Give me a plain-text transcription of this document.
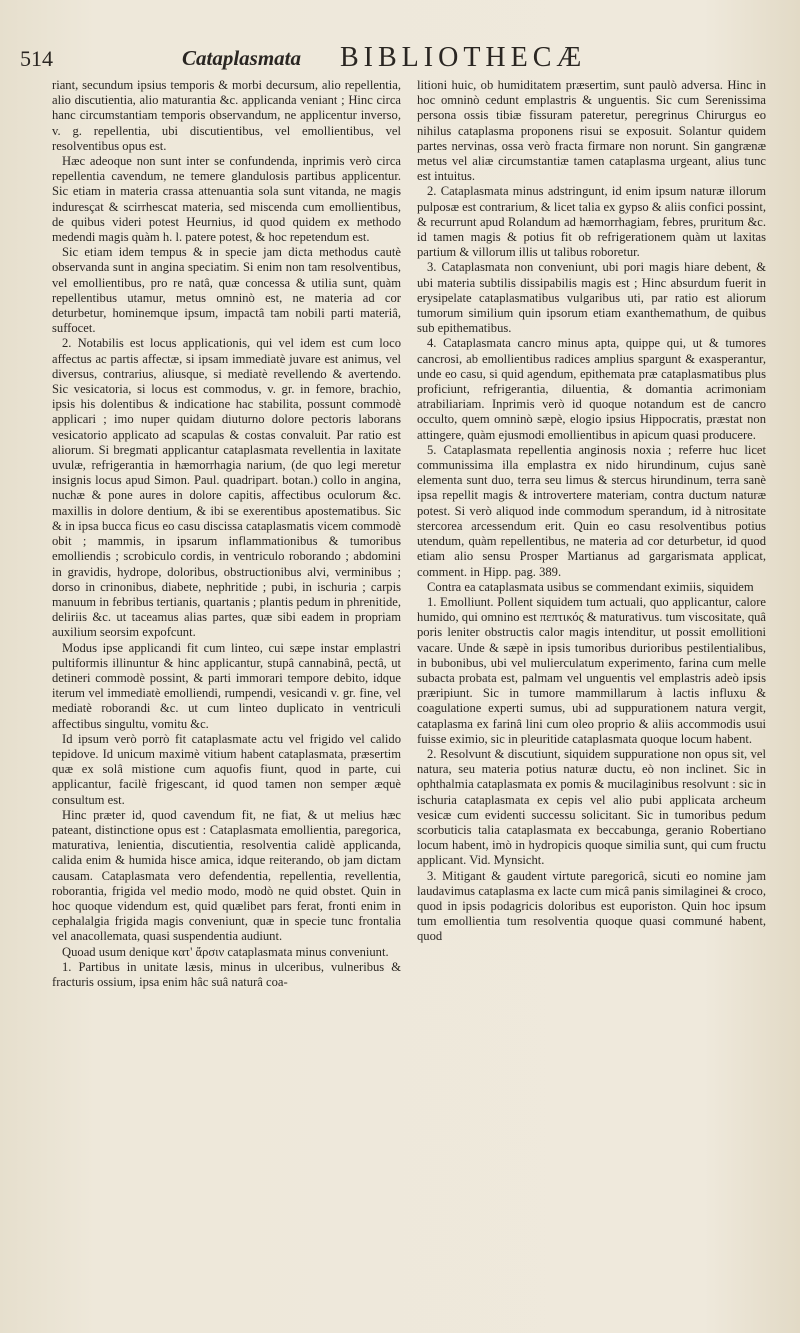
514	Cataplasmata BIBLIOTHECÆ

riant, secundum ipsius temporis & morbi decursum, alio repellentia, alio discutientia, alio maturantia &c. applicanda veniant ; Hinc circa hanc circumstantiam temporis observandum, ne applicentur inverso, v. g. repellentia, ubi discutientibus, vel emollientibus, vel resolventibus opus est.

Hæc adeoque non sunt inter se confundenda, inprimis verò circa repellentia cavendum, ne temere glandulosis partibus applicentur. Sic etiam in materia crassa attenuantia sola sunt vitanda, ne magis induresçat & scirrhescat materia, sed miscenda cum emollientibus, de quibus videri potest Heurnius, id quod quidem ex methodo medendi magis quàm h. l. patere potest, & hoc repetendum est.

Sic etiam idem tempus & in specie jam dicta methodus cautè observanda sunt in angina speciatim. Si enim non tam resolventibus, vel emollientibus, pro re natâ, quæ concessa & utilia sunt, quàm repellentibus utamur, metus omninò est, ne materia ad cor deturbetur, hominemque ipsum, impactâ tam nobili parti materiâ, suffocet.

2. Notabilis est locus applicationis, qui vel idem est cum loco affectus ac partis affectæ, si ipsam immediatè juvare est animus, vel diversus, contrarius, aliusque, si mediatè revellendo & avertendo. Sic vesicatoria, si locus est commodus, v. gr. in femore, brachio, ipsis his dolentibus & indicatione hac stabilita, possunt commodè applicari ; imo nuper quidam diuturno dolore pectoris laborans vesicatorio applicato ad scapulas & costas convaluit. Par ratio est aliorum. Si bregmati applicantur cataplasmata revellentia in laxitate uvulæ, refrigerantia in hæmorrhagia narium, (de quo legi meretur insignis locus apud Simon. Paul. quadripart. botan.) collo in angina, nuchæ & pone aures in dolore capitis, affectibus oculorum &c. maxillis in dolore dentium, & ibi se exerentibus apostematibus. Sic & in ipsa bucca ficus eo casu discissa cataplasmatis vicem commodè obit ; mammis, in ipsarum inflammationibus & tumoribus emolliendis ; scrobiculo cordis, in ventriculo roborando ; abdomini in gravidis, hydrope, doloribus, obstructionibus alvi, verminibus ; dorso in crinonibus, diabete, nephritide ; pubi, in ischuria ; carpis manuum in febribus tertianis, quartanis ; plantis pedum in phrenitide, deliriis &c. ut taceamus alias partes, quæ sibi eadem in propriam auxilium seorsim expofcunt.

Modus ipse applicandi fit cum linteo, cui sæpe instar emplastri pultiformis illinuntur & hinc applicantur, stupâ cannabinâ, pectâ, ut detineri commodè possint, & parti immorari tempore debito, idque iterum vel immediatè emolliendi, rumpendi, vesicandi v. gr. fine, vel mediatè roborandi &c. ut cum linteo duplicato in ventriculi affectibus singultu, vomitu &c.

Id ipsum verò porrò fit cataplasmate actu vel frigido vel calido tepidove. Id unicum maximè vitium habent cataplasmata, præsertim quæ ex solâ mistione cum aquofis fiunt, quod in parte, cui applicantur, facilè frigescant, id quod tamen non semper æquè consultum est.

Hinc præter id, quod cavendum fit, ne fiat, & ut melius hæc pateant, distinctione opus est : Cataplasmata emollientia, paregorica, maturativa, lenientia, discutientia, resolventia calidè applicanda, calida enim & humida hisce amica, idque reiterando, ob jam dictam causam. Cataplasmata vero defendentia, repellentia, revellentia, roborantia, frigida vel medio modo, modò ne quid obstet. Quin in hoc quoque videndum est, quid quælibet pars ferat, fronti enim in cephalalgia frigida magis conveniunt, quæ in specie tunc frontalia vel anacollemata, quasi suspendentia audiunt.

Quoad usum denique κατ' ἄρσιν cataplasmata minus conveniunt.

1. Partibus in unitate læsis, minus in ulceribus, vulneribus & fracturis ossium, ipsa enim hâc suâ naturâ coa-

litioni huic, ob humiditatem præsertim, sunt paulò adversa. Hinc in hoc omninò cedunt emplastris & unguentis. Sic cum Serenissima persona ossis tibiæ fissuram pateretur, peregrinus Chirurgus eo nihilus cataplasma proponens risui se exposuit. Solantur quidem partes nervinas, ossa verò fracta firmare non norunt. Sin gangrænæ metus vel aliæ circumstantiæ tamen cataplasma urgeant, alius tunc est intuitus.

2. Cataplasmata minus adstringunt, id enim ipsum naturæ illorum pulposæ est contrarium, & licet talia ex gypso & aliis confici possint, & recurrunt apud Rolandum ad hæmorrhagiam, febres, pruritum &c. id tamen magis & potius fit ob refrigerationem quàm ut laxitas partium & villorum illis ut talibus roboretur.

3. Cataplasmata non conveniunt, ubi pori magis hiare debent, & ubi materia subtilis dissipabilis magis est ; Hinc absurdum fuerit in erysipelate cataplasmatibus vulgaribus uti, par ratio est aliorum tumorum similium quin ipsorum etiam exanthemathum, de quibus sub epithematibus.

4. Cataplasmata cancro minus apta, quippe qui, ut & tumores cancrosi, ab emollientibus radices amplius spargunt & exasperantur, unde eo casu, si quid agendum, epithemata præ cataplasmatibus plus proficiunt, refrigerantia, diluentia, & domantia acrimoniam atrabiliariam. Inprimis verò id quoque notandum est de cancro occulto, quem omninò sæpè, elogio ipsius Hippocratis, præstat non attingere, quàm ejusmodi emollientibus in apicum quasi producere.

5. Cataplasmata repellentia anginosis noxia ; referre huc licet communissima illa emplastra ex nido hirundinum, cujus sanè elementa sunt duo, terra seu limus & stercus hirundinum, terra sanè ipsa repellit magis & introvertere materiam, contra ductum naturæ potest. Si verò aliquod inde commodum sperandum, id à nitrositate stercorea arcessendum erit. Quin eo casu resolventibus potius utendum, quàm repellentibus, ne materia ad cor deturbetur, id quod etiam alio sensu Prosper Martianus ad gargarismata applicat, comment. in Hipp. pag. 389.

Contra ea cataplasmata usibus se commendant eximiis, siquidem

1. Emolliunt. Pollent siquidem tum actuali, quo applicantur, calore humido, qui omnino est πεπτικός & maturativus. tum viscositate, quâ poris leniter obstructis calor magis intenditur, ut possit emollitioni vacare. Unde & sæpè in ipsis tumoribus durioribus pestilentialibus, in bubonibus, ubi vel mulierculatum experimento, farina cum melle subacta probata est, palmam vel unguentis vel emplastris adeò ipsis præripiunt. Sic in tumore mammillarum à lactis influxu & coagulatione experti sumus, ubi ad suppurationem natura vergit, cataplasma ex farinâ lini cum oleo proprio & aliis accommodis usui fuisse eximio, sic in pleuritide cataplasmata quoque locum habent.

2. Resolvunt & discutiunt, siquidem suppuratione non opus sit, vel natura, seu materia potius naturæ ductu, eò non inclinet. Sic in ophthalmia cataplasmata ex pomis & mucilaginibus resolvunt : sic in ischuria cataplasmata ex cepis vel alio pubi applicata archeum vesicæ cum evidenti successu solicitant. Sic in tumoribus pedum scorbuticis talia cataplasmata ex beccabunga, geranio Robertiano locum habent, imò in hydropicis quoque similia sunt, qui cum fructu applicant. Vid. Mynsicht.

3. Mitigant & gaudent virtute paregoricâ, sicuti eo nomine jam laudavimus cataplasma ex lacte cum micâ panis similaginei & croco, quod in ipsis podagricis doloribus est euporiston. Quin hoc ipsum tum emollientia tum resolventia quoque quasi communé habent, quod
